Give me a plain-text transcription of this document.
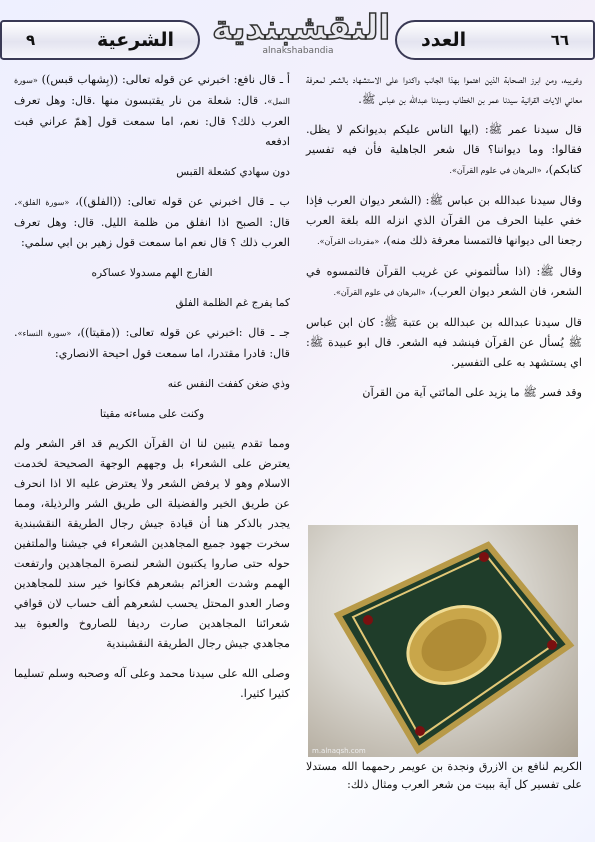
العدد	٦٦
النقشبندية
alnakshabandia
٩	الشرعية

وغريبه، ومن ابرز الصحابة الذين اهتموا بهذا الجانب واكدوا على الاستشهاد بالشعر لمعرفة معاني الايات القرانية سيدنا عمر بن الخطاب وسيدنا عبدالله بن عباس ﷺ.

قال سيدنا عمر ﷺ: (ايها الناس عليكم بديوانكم لا يظل. فقالوا: وما ديواننا؟ قال شعر الجاهلية فأن فيه تفسير كتابكم)، «البرهان في علوم القرآن».

وقال سيدنا عبدالله بن عباس ﷺ: (الشعر ديوان العرب فإذا خفي علينا الحرف من القرآن الذي انزله الله بلغة العرب رجعنا الى ديوانها فالتمسنا معرفة ذلك منه)، «مفردات القرآن».

وقال ﷺ: (اذا سألتموني عن غريب القرآن فالتمسوه في الشعر، فان الشعر ديوان العرب)، «البرهان في علوم القرآن».

قال سيدنا عبدالله بن عبدالله بن عتبة ﷺ: كان ابن عباس ﷺ يُسأل عن القرآن فينشد فيه الشعر. قال ابو عبيدة ﷺ: اي يستشهد به على التفسير.

وقد فسر ﷺ ما يزيد على المائتي آية من القرآن

m.alnaqsh.com
الكريم لنافع بن الازرق ونجدة بن عويمر رحمهما الله مستدلا على تفسير كل آية ببيت من شعر العرب ومثال ذلك:

أ ـ قال نافع: اخبرني عن قوله تعالى: ((بِشهاب قبس)) «سورة النمل». قال: شعلة من نار يقتبسون منها .قال: وهل تعرف العرب ذلك؟ قال: نعم، اما سمعت قول [همّ عراني فبت ادفعه

دون سهادي كشعلة القبس

ب ـ قال اخبرني عن قوله تعالى: ((الفلق))، «سورة الفلق». قال: الصبح اذا انفلق من ظلمة الليل. قال: وهل تعرف العرب ذلك ؟ قال نعم اما سمعت قول زهير بن ابي سلمي:

الفارج الهم مسدولا عساكره

كما يفرج غم الظلمة الفلق

جـ ـ قال :اخبرني عن قوله تعالى: ((مقيتا))، «سورة النساء». قال: قادرا مقتدرا، اما سمعت قول احيحة الانصاري:

وذي ضغن كففت النفس عنه

وكنت على مساءته مقيتا

ومما تقدم يتبين لنا ان القرآن الكريم قد اقر الشعر ولم يعترض على الشعراء بل وجههم الوجهة الصحيحة لخدمت الاسلام وهو لا يرفض الشعر ولا يعترض عليه الا اذا انحرف عن طريق الخير والفضيلة الى طريق الشر والرذيلة، ومما يجدر بالذكر هنا أن قيادة جيش رجال الطريقة النقشبندية سخرت جهود جميع المجاهدين الشعراء في جيشنا والملتفين حوله حتى صاروا يكتبون الشعر لنصرة المجاهدين وارتفعت الهمم وشدت العزائم بشعرهم فكانوا خير سند للمجاهدين وصار العدو المحتل يحسب لشعرهم ألف حساب لان قوافي شعرائنا المجاهدين صارت رديفا للصاروخ والعبوة بيد مجاهدي جيش رجال الطريقة النقشبندية

وصلى الله على سيدنا محمد وعلى آله وصحبه وسلم تسليما كثيرا كثيرا.
